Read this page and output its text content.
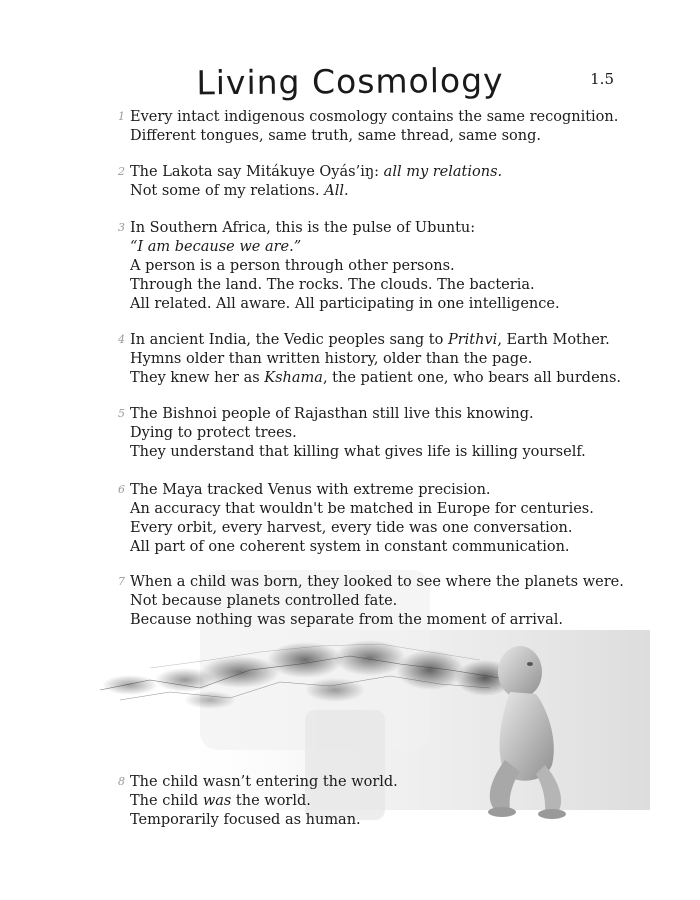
Living Cosmology	1.5
1 Every intact indigenous cosmology contains the same recognition.
Different tongues, same truth, same thread, same song.
2 The Lakota say Mitákuye Oyás’iŋ: all my relations.
Not some of my relations. All.
3 In Southern Africa, this is the pulse of Ubuntu:
“I am because we are.”
A person is a person through other persons.
Through the land. The rocks. The clouds. The bacteria.
All related. All aware. All participating in one intelligence.
4 In ancient India, the Vedic peoples sang to Prithvi, Earth Mother.
Hymns older than written history, older than the page.
They knew her as Kshama, the patient one, who bears all burdens.
5 The Bishnoi people of Rajasthan still live this knowing.
Dying to protect trees.
They understand that killing what gives life is killing yourself.
6 The Maya tracked Venus with extreme precision.
An accuracy that wouldn't be matched in Europe for centuries.
Every orbit, every harvest, every tide was one conversation.
All part of one coherent system in constant communication.
7 When a child was born, they looked to see where the planets were.
Not because planets controlled fate.
Because nothing was separate from the moment of arrival.
8 The child wasn’t entering the world.
The child was the world.
Temporarily focused as human.
